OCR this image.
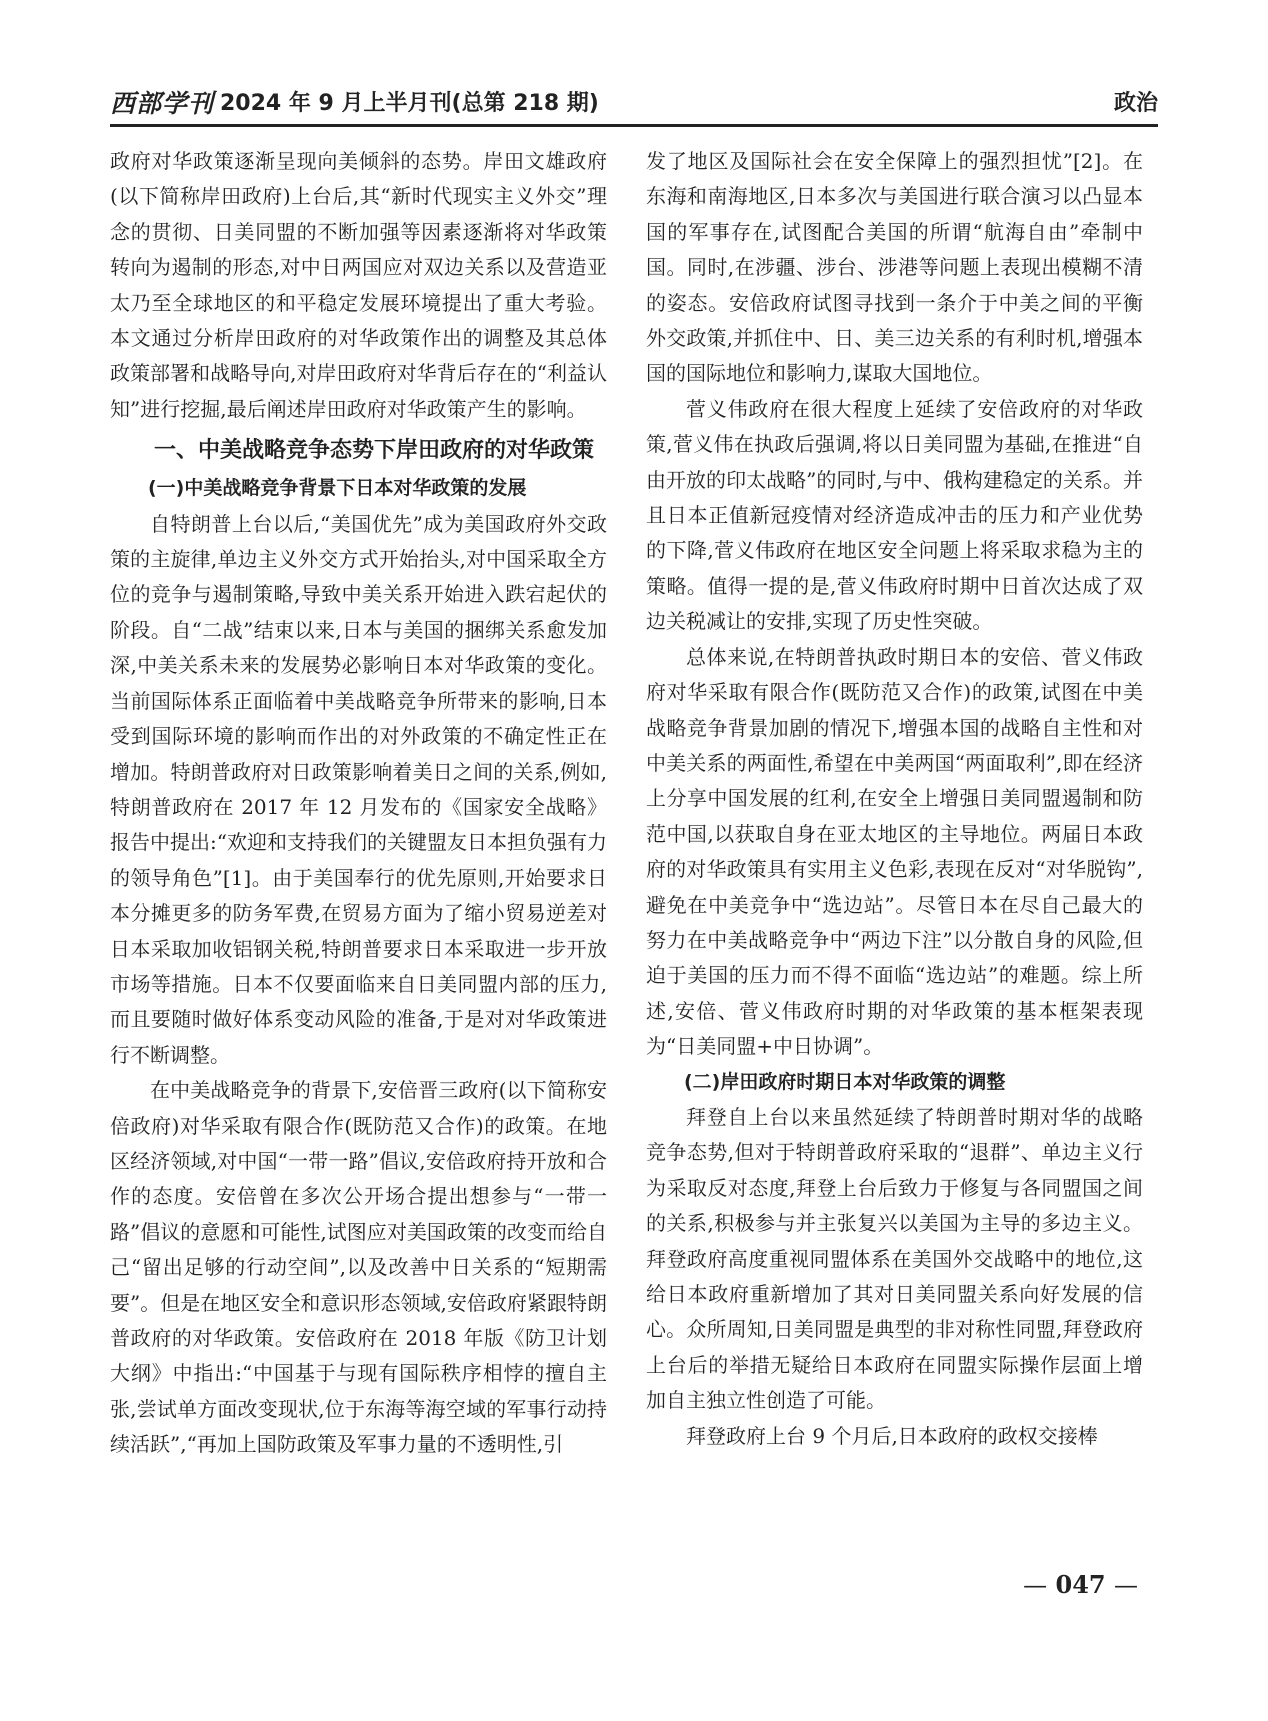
西部学刊 2024 年 9 月上半月刊(总第 218 期)	政治

政府对华政策逐渐呈现向美倾斜的态势。岸田文雄政府(以下简称岸田政府)上台后,其“新时代现实主义外交”理念的贯彻、日美同盟的不断加强等因素逐渐将对华政策转向为遏制的形态,对中日两国应对双边关系以及营造亚太乃至全球地区的和平稳定发展环境提出了重大考验。本文通过分析岸田政府的对华政策作出的调整及其总体政策部署和战略导向,对岸田政府对华背后存在的“利益认知”进行挖掘,最后阐述岸田政府对华政策产生的影响。

一、中美战略竞争态势下岸田政府的对华政策
(一)中美战略竞争背景下日本对华政策的发展

自特朗普上台以后,“美国优先”成为美国政府外交政策的主旋律,单边主义外交方式开始抬头,对中国采取全方位的竞争与遏制策略,导致中美关系开始进入跌宕起伏的阶段。自“二战”结束以来,日本与美国的捆绑关系愈发加深,中美关系未来的发展势必影响日本对华政策的变化。当前国际体系正面临着中美战略竞争所带来的影响,日本受到国际环境的影响而作出的对外政策的不确定性正在增加。特朗普政府对日政策影响着美日之间的关系,例如,特朗普政府在 2017 年 12 月发布的《国家安全战略》报告中提出:“欢迎和支持我们的关键盟友日本担负强有力的领导角色”[1]。由于美国奉行的优先原则,开始要求日本分摊更多的防务军费,在贸易方面为了缩小贸易逆差对日本采取加收铝钢关税,特朗普要求日本采取进一步开放市场等措施。日本不仅要面临来自日美同盟内部的压力,而且要随时做好体系变动风险的准备,于是对对华政策进行不断调整。

在中美战略竞争的背景下,安倍晋三政府(以下简称安倍政府)对华采取有限合作(既防范又合作)的政策。在地区经济领域,对中国“一带一路”倡议,安倍政府持开放和合作的态度。安倍曾在多次公开场合提出想参与“一带一路”倡议的意愿和可能性,试图应对美国政策的改变而给自己“留出足够的行动空间”,以及改善中日关系的“短期需要”。但是在地区安全和意识形态领域,安倍政府紧跟特朗普政府的对华政策。安倍政府在 2018 年版《防卫计划大纲》中指出:“中国基于与现有国际秩序相悖的擅自主张,尝试单方面改变现状,位于东海等海空域的军事行动持续活跃”,“再加上国防政策及军事力量的不透明性,引

发了地区及国际社会在安全保障上的强烈担忧”[2]。在东海和南海地区,日本多次与美国进行联合演习以凸显本国的军事存在,试图配合美国的所谓“航海自由”牵制中国。同时,在涉疆、涉台、涉港等问题上表现出模糊不清的姿态。安倍政府试图寻找到一条介于中美之间的平衡外交政策,并抓住中、日、美三边关系的有利时机,增强本国的国际地位和影响力,谋取大国地位。

菅义伟政府在很大程度上延续了安倍政府的对华政策,菅义伟在执政后强调,将以日美同盟为基础,在推进“自由开放的印太战略”的同时,与中、俄构建稳定的关系。并且日本正值新冠疫情对经济造成冲击的压力和产业优势的下降,菅义伟政府在地区安全问题上将采取求稳为主的策略。值得一提的是,菅义伟政府时期中日首次达成了双边关税减让的安排,实现了历史性突破。

总体来说,在特朗普执政时期日本的安倍、菅义伟政府对华采取有限合作(既防范又合作)的政策,试图在中美战略竞争背景加剧的情况下,增强本国的战略自主性和对中美关系的两面性,希望在中美两国“两面取利”,即在经济上分享中国发展的红利,在安全上增强日美同盟遏制和防范中国,以获取自身在亚太地区的主导地位。两届日本政府的对华政策具有实用主义色彩,表现在反对“对华脱钩”,避免在中美竞争中“选边站”。尽管日本在尽自己最大的努力在中美战略竞争中“两边下注”以分散自身的风险,但迫于美国的压力而不得不面临“选边站”的难题。综上所述,安倍、菅义伟政府时期的对华政策的基本框架表现为“日美同盟+中日协调”。

(二)岸田政府时期日本对华政策的调整

拜登自上台以来虽然延续了特朗普时期对华的战略竞争态势,但对于特朗普政府采取的“退群”、单边主义行为采取反对态度,拜登上台后致力于修复与各同盟国之间的关系,积极参与并主张复兴以美国为主导的多边主义。拜登政府高度重视同盟体系在美国外交战略中的地位,这给日本政府重新增加了其对日美同盟关系向好发展的信心。众所周知,日美同盟是典型的非对称性同盟,拜登政府上台后的举措无疑给日本政府在同盟实际操作层面上增加自主独立性创造了可能。

拜登政府上台 9 个月后,日本政府的政权交接棒

— 047 —
